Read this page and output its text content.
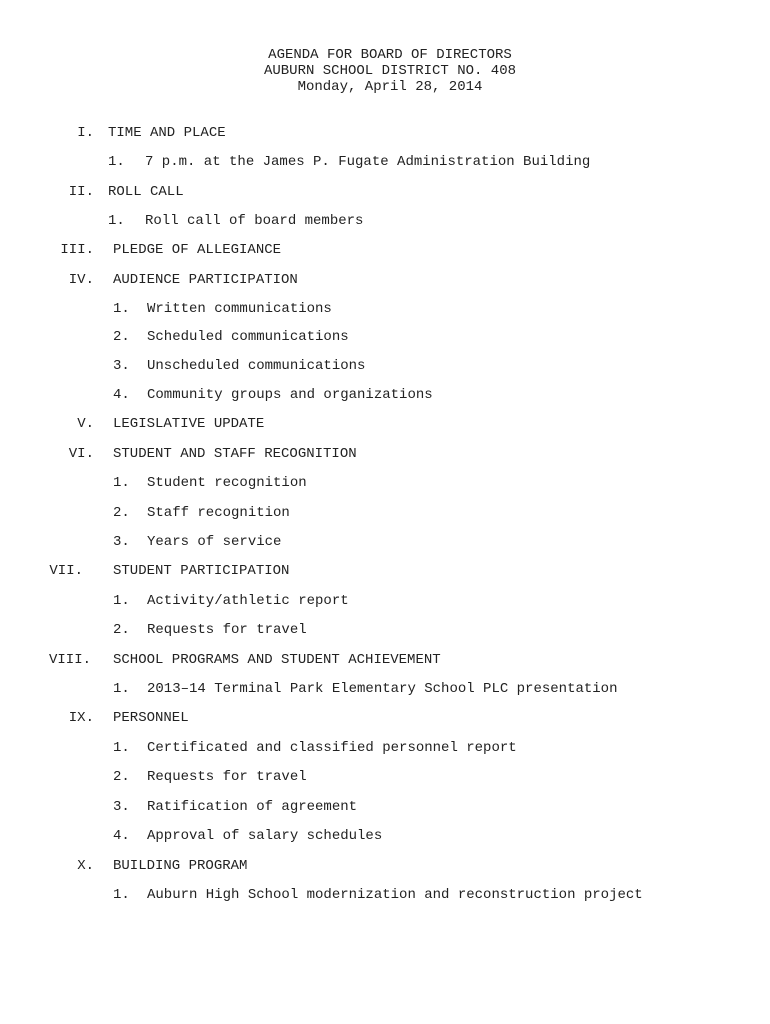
AGENDA FOR BOARD OF DIRECTORS
AUBURN SCHOOL DISTRICT NO. 408
Monday, April 28, 2014
I. TIME AND PLACE
1. 7 p.m. at the James P. Fugate Administration Building
II. ROLL CALL
1. Roll call of board members
III. PLEDGE OF ALLEGIANCE
IV. AUDIENCE PARTICIPATION
1. Written communications
2. Scheduled communications
3. Unscheduled communications
4. Community groups and organizations
V. LEGISLATIVE UPDATE
VI. STUDENT AND STAFF RECOGNITION
1. Student recognition
2. Staff recognition
3. Years of service
VII. STUDENT PARTICIPATION
1. Activity/athletic report
2. Requests for travel
VIII. SCHOOL PROGRAMS AND STUDENT ACHIEVEMENT
1. 2013–14 Terminal Park Elementary School PLC presentation
IX. PERSONNEL
1. Certificated and classified personnel report
2. Requests for travel
3. Ratification of agreement
4. Approval of salary schedules
X. BUILDING PROGRAM
1. Auburn High School modernization and reconstruction project
